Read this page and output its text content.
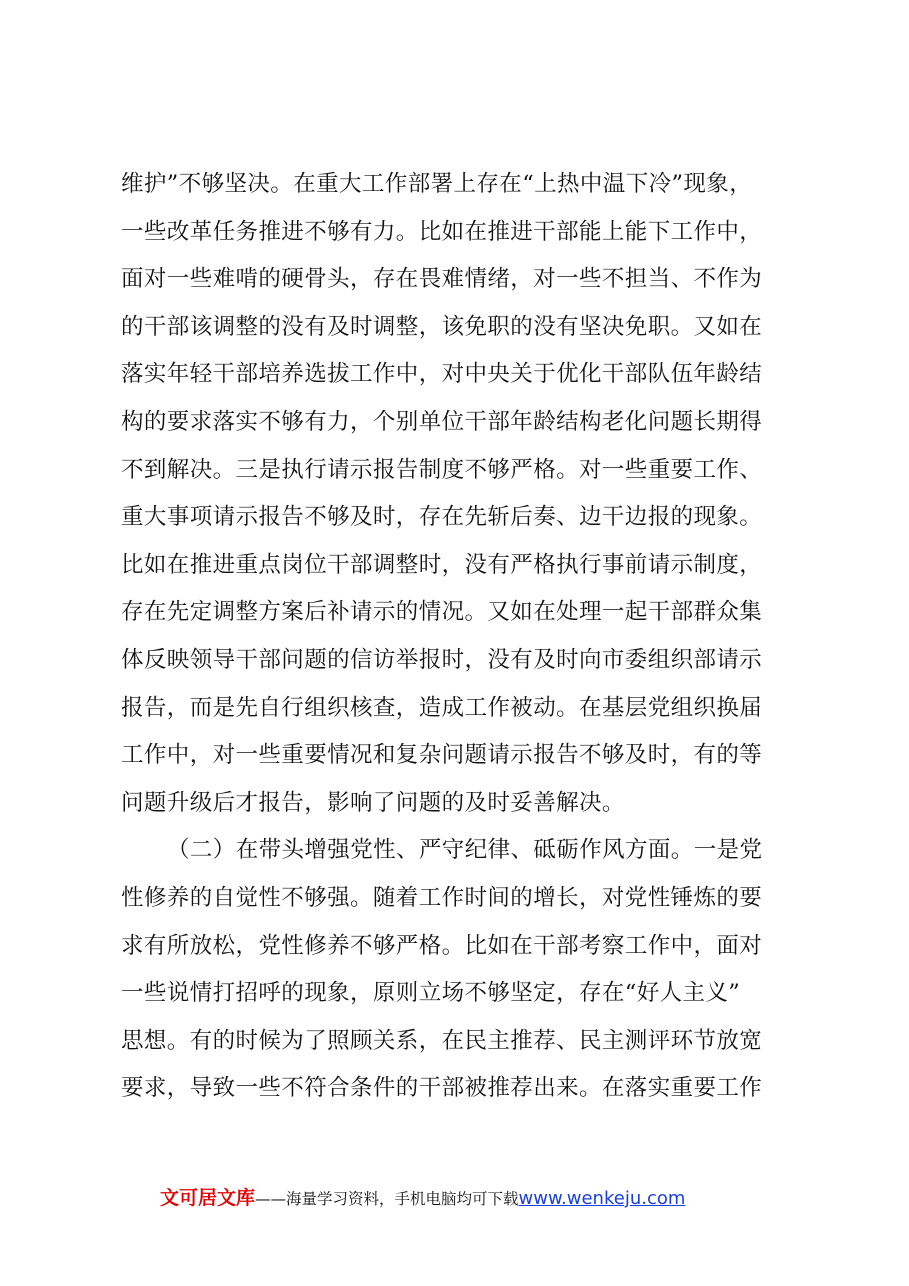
维护”不够坚决。在重大工作部署上存在“上热中温下冷”现象，
一些改革任务推进不够有力。比如在推进干部能上能下工作中，
面对一些难啃的硬骨头，存在畏难情绪，对一些不担当、不作为
的干部该调整的没有及时调整，该免职的没有坚决免职。又如在
落实年轻干部培养选拔工作中，对中央关于优化干部队伍年龄结
构的要求落实不够有力，个别单位干部年龄结构老化问题长期得
不到解决。三是执行请示报告制度不够严格。对一些重要工作、
重大事项请示报告不够及时，存在先斩后奏、边干边报的现象。
比如在推进重点岗位干部调整时，没有严格执行事前请示制度，
存在先定调整方案后补请示的情况。又如在处理一起干部群众集
体反映领导干部问题的信访举报时，没有及时向市委组织部请示
报告，而是先自行组织核查，造成工作被动。在基层党组织换届
工作中，对一些重要情况和复杂问题请示报告不够及时，有的等
问题升级后才报告，影响了问题的及时妥善解决。
（二）在带头增强党性、严守纪律、砥砺作风方面。一是党
性修养的自觉性不够强。随着工作时间的增长，对党性锤炼的要
求有所放松，党性修养不够严格。比如在干部考察工作中，面对
一些说情打招呼的现象，原则立场不够坚定，存在“好人主义”
思想。有的时候为了照顾关系，在民主推荐、民主测评环节放宽
要求，导致一些不符合条件的干部被推荐出来。在落实重要工作
文可居文库——海量学习资料，手机电脑均可下载www.wenkeju.com
